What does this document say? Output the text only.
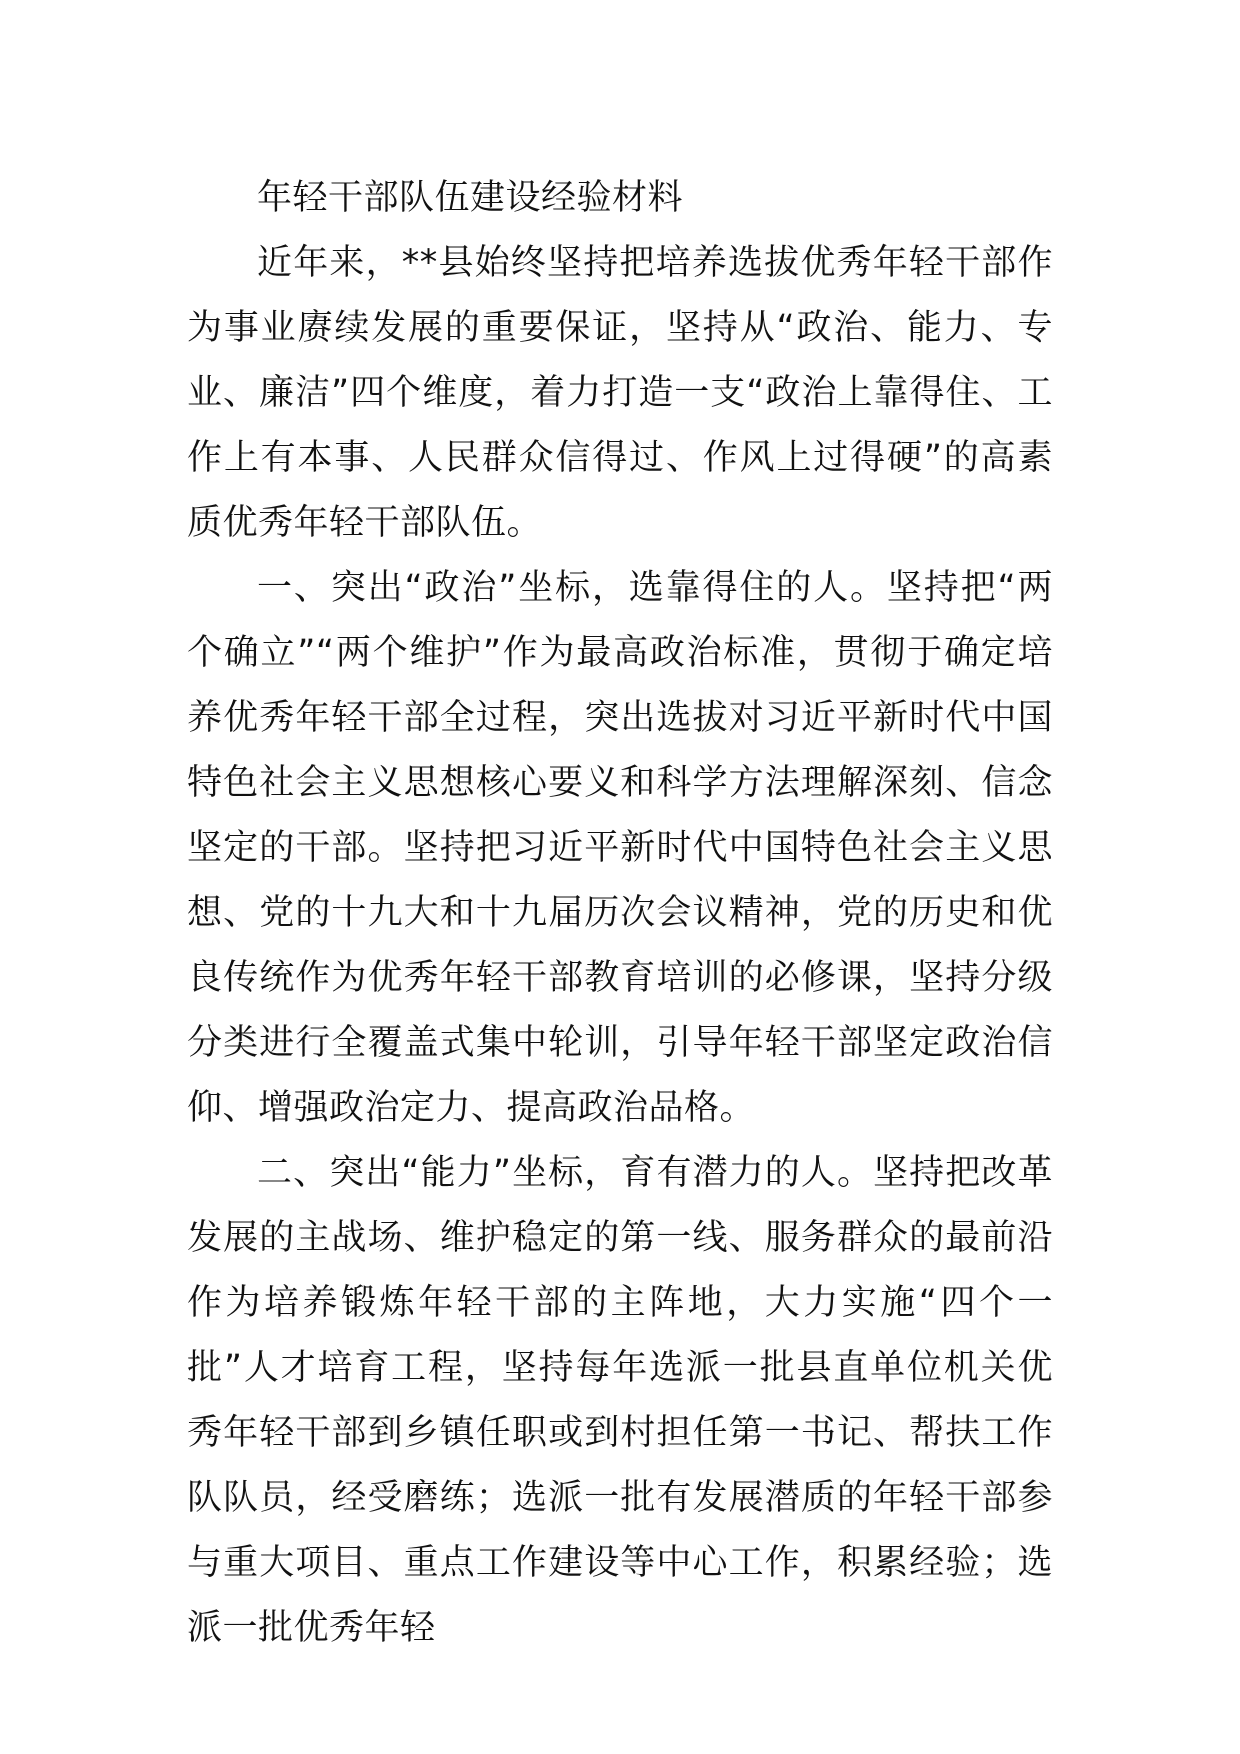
年轻干部队伍建设经验材料

近年来，**县始终坚持把培养选拔优秀年轻干部作为事业赓续发展的重要保证，坚持从“政治、能力、专业、廉洁”四个维度，着力打造一支“政治上靠得住、工作上有本事、人民群众信得过、作风上过得硬”的高素质优秀年轻干部队伍。

一、突出“政治”坐标，选靠得住的人。坚持把“两个确立”“两个维护”作为最高政治标准，贯彻于确定培养优秀年轻干部全过程，突出选拔对习近平新时代中国特色社会主义思想核心要义和科学方法理解深刻、信念坚定的干部。坚持把习近平新时代中国特色社会主义思想、党的十九大和十九届历次会议精神，党的历史和优良传统作为优秀年轻干部教育培训的必修课，坚持分级分类进行全覆盖式集中轮训，引导年轻干部坚定政治信仰、增强政治定力、提高政治品格。

二、突出“能力”坐标，育有潜力的人。坚持把改革发展的主战场、维护稳定的第一线、服务群众的最前沿作为培养锻炼年轻干部的主阵地，大力实施“四个一批”人才培育工程，坚持每年选派一批县直单位机关优秀年轻干部到乡镇任职或到村担任第一书记、帮扶工作队队员，经受磨练；选派一批有发展潜质的年轻干部参与重大项目、重点工作建设等中心工作，积累经验；选派一批优秀年轻
